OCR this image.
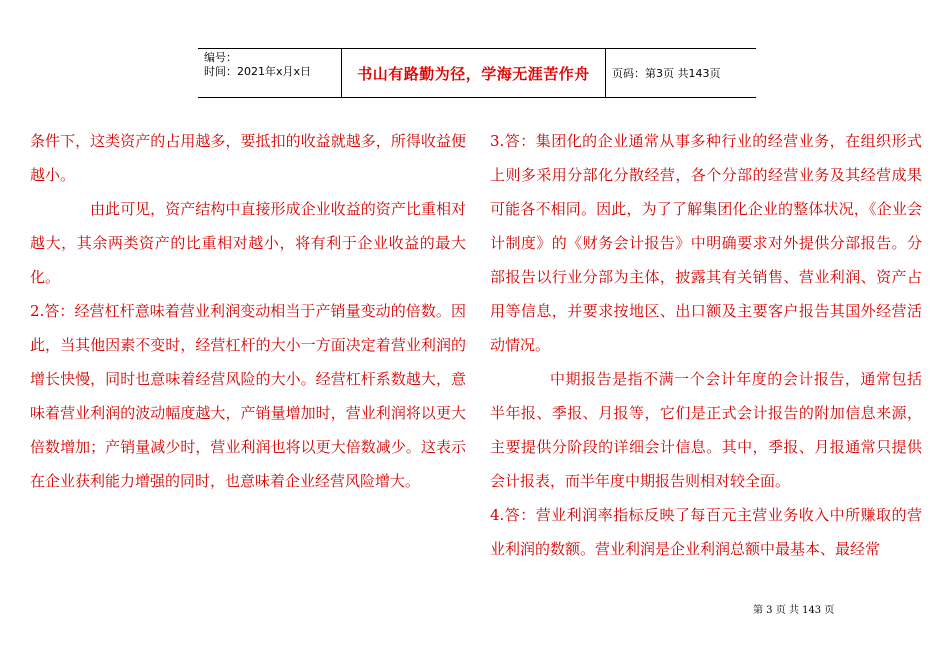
编号：
时间：2021年x月x日	书山有路勤为径，学海无涯苦作舟	页码：第3页 共143页

条件下，这类资产的占用越多，要抵扣的收益就越多，所得收益便越小。

由此可见，资产结构中直接形成企业收益的资产比重相对越大，其余两类资产的比重相对越小，将有利于企业收益的最大化。

2.答：经营杠杆意味着营业利润变动相当于产销量变动的倍数。因此，当其他因素不变时，经营杠杆的大小一方面决定着营业利润的增长快慢，同时也意味着经营风险的大小。经营杠杆系数越大，意味着营业利润的波动幅度越大，产销量增加时，营业利润将以更大倍数增加；产销量减少时，营业利润也将以更大倍数减少。这表示在企业获利能力增强的同时，也意味着企业经营风险增大。

3.答：集团化的企业通常从事多种行业的经营业务，在组织形式上则多采用分部化分散经营，各个分部的经营业务及其经营成果可能各不相同。因此，为了了解集团化企业的整体状况，《企业会计制度》的《财务会计报告》中明确要求对外提供分部报告。分部报告以行业分部为主体，披露其有关销售、营业利润、资产占用等信息，并要求按地区、出口额及主要客户报告其国外经营活动情况。

中期报告是指不满一个会计年度的会计报告，通常包括半年报、季报、月报等，它们是正式会计报告的附加信息来源，主要提供分阶段的详细会计信息。其中，季报、月报通常只提供会计报表，而半年度中期报告则相对较全面。

4.答：营业利润率指标反映了每百元主营业务收入中所赚取的营业利润的数额。营业利润是企业利润总额中最基本、最经常

第 3 页 共 143 页
